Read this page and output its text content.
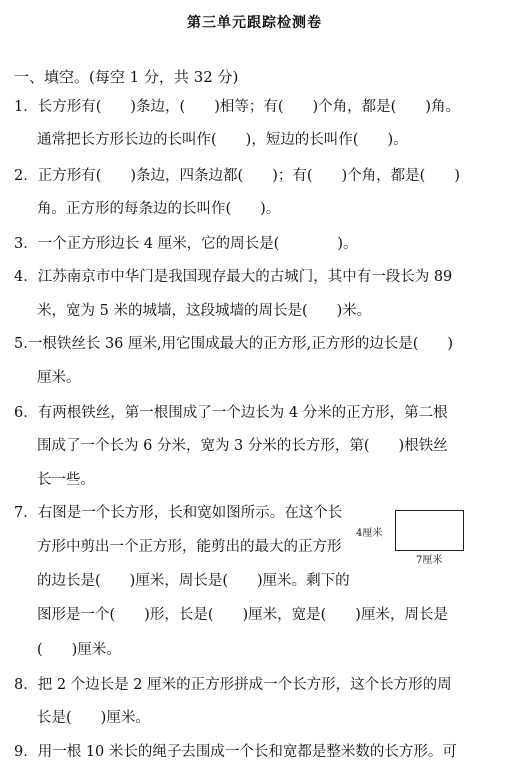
第三单元跟踪检测卷
一、填空。(每空 1 分，共 32 分)
1．长方形有(　　)条边，(　　)相等；有(　　)个角，都是(　　)角。
通常把长方形长边的长叫作(　　)，短边的长叫作(　　)。
2．正方形有(　　)条边，四条边都(　　)；有(　　)个角，都是(　　)
角。正方形的每条边的长叫作(　　)。
3．一个正方形边长 4 厘米，它的周长是(　　　　)。
4．江苏南京市中华门是我国现存最大的古城门，其中有一段长为 89
米，宽为 5 米的城墙，这段城墙的周长是(　　)米。
5.一根铁丝长 36 厘米,用它围成最大的正方形,正方形的边长是(　　)
厘米。
6．有两根铁丝，第一根围成了一个边长为 4 分米的正方形，第二根
围成了一个长为 6 分米，宽为 3 分米的长方形，第(　　)根铁丝
长一些。
7．右图是一个长方形，长和宽如图所示。在这个长
方形中剪出一个正方形，能剪出的最大的正方形
的边长是(　　)厘米，周长是(　　)厘米。剩下的
图形是一个(　　)形，长是(　　)厘米，宽是(　　)厘米，周长是
(　　)厘米。
4厘米
7厘米
8．把 2 个边长是 2 厘米的正方形拼成一个长方形，这个长方形的周
长是(　　)厘米。
9．用一根 10 米长的绳子去围成一个长和宽都是整米数的长方形。可
